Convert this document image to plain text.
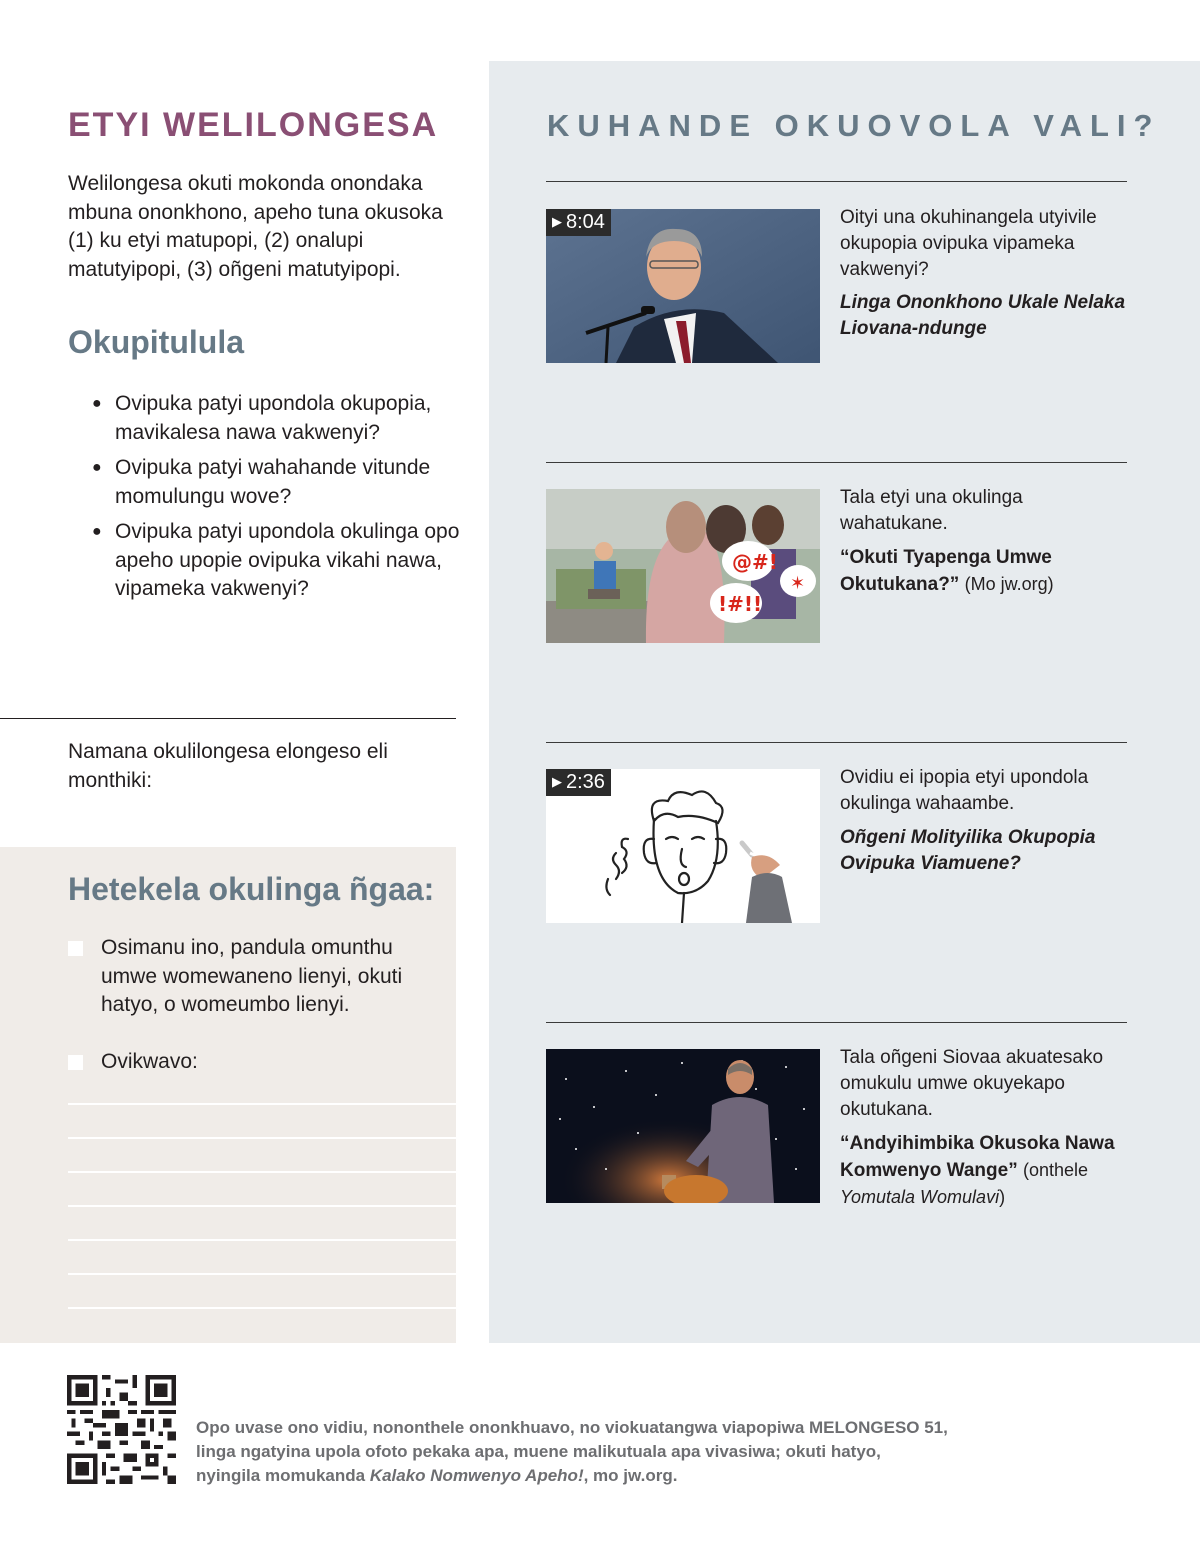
ETYI WELILONGESA

Welilongesa okuti mokonda onondaka mbuna ononkhono, apeho tuna okusoka (1) ku etyi matupopi, (2) onalupi matutyipopi, (3) oñgeni matutyipopi.

Okupitulula
● Ovipuka patyi upondola okupopia, mavikalesa nawa vakwenyi?
● Ovipuka patyi wahahande vitunde momulungu wove?
● Ovipuka patyi upondola okulinga opo apeho upopie ovipuka vikahi nawa, vipameka vakwenyi?

Namana okulilongesa elongeso eli monthiki:

Hetekela okulinga ñgaa:

Osimanu ino, pandula omunthu umwe womewaneno lienyi, okuti hatyo, o womeumbo lienyi.

Ovikwavo:

KUHANDE OKUOVOLA VALI?
▶ 8:04	Oityi una okuhinangela utyivile okupopia ovipuka vipameka vakwenyi?

Linga Ononkhono Ukale Nelaka Liovana-ndunge

@#!
!#!!
✶

Tala etyi una okulinga wahatukane.

“Okuti Tyapenga Umwe Okutukana?” (Mo jw.org)

▶ 2:36	Ovidiu ei ipopia etyi upondola okulinga wahaambe.

Oñgeni Molityilika Okupopia Ovipuka Viamuene?

Tala oñgeni Siovaa akuatesako omukulu umwe okuyekapo okutukana.

“Andyihimbika Okusoka Nawa Komwenyo Wange” (onthele Yomutala Womulavi)

Opo uvase ono vidiu, nononthele ononkhuavo, no viokuatangwa viapopiwa MELONGESO 51,
linga ngatyina upola ofoto pekaka apa, muene malikutuala apa vivasiwa; okuti hatyo,
nyingila momukanda Kalako Nomwenyo Apeho!, mo jw.org.
